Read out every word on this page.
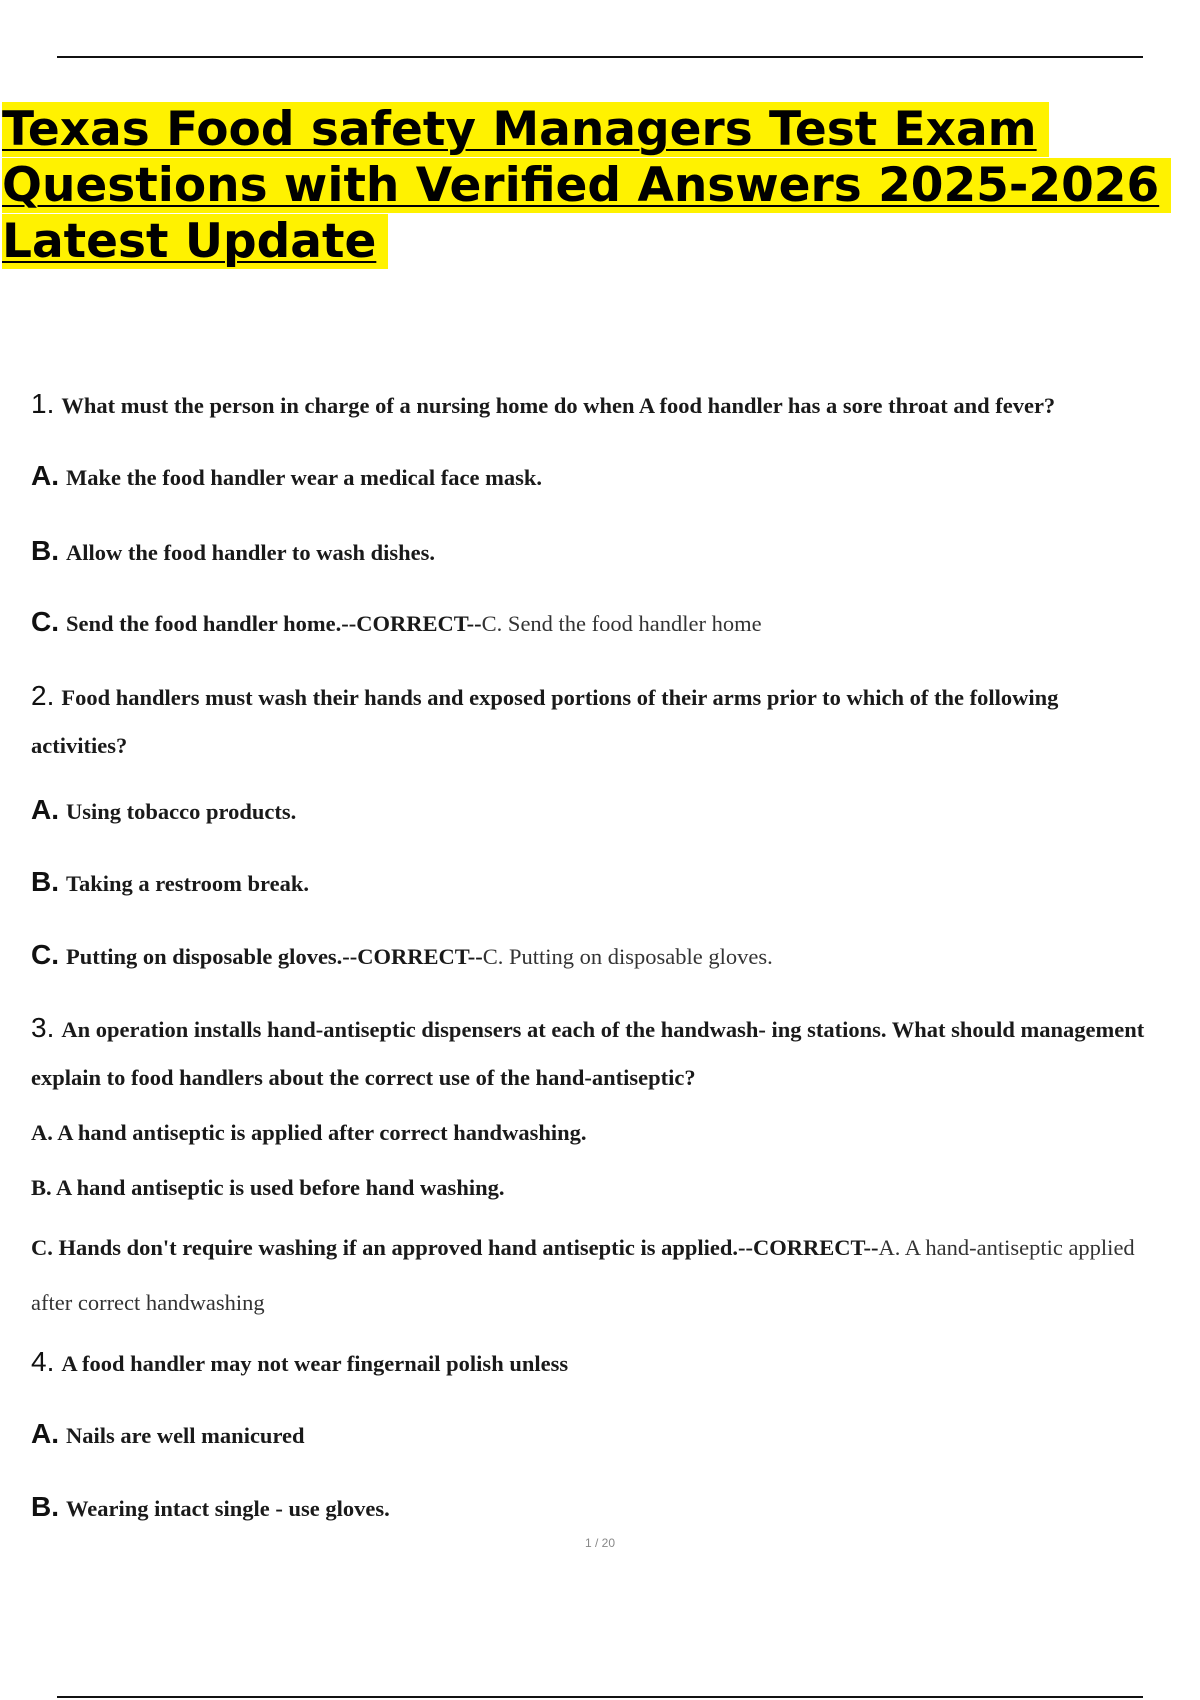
Texas Food safety Managers Test Exam
Questions with Verified Answers 2025-2026
Latest Update
1. What must the person in charge of a nursing home do when A food handler has a sore throat and fever?
A. Make the food handler wear a medical face mask.
B. Allow the food handler to wash dishes.
C. Send the food handler home.--CORRECT--C. Send the food handler home
2. Food handlers must wash their hands and exposed portions of their arms prior to which of the following activities?
A. Using tobacco products.
B. Taking a restroom break.
C. Putting on disposable gloves.--CORRECT--C. Putting on disposable gloves.
3. An operation installs hand-antiseptic dispensers at each of the handwash- ing stations. What should management explain to food handlers about the correct use of the hand-antiseptic?
A. A hand antiseptic is applied after correct handwashing.
B. A hand antiseptic is used before hand washing.
C. Hands don't require washing if an approved hand antiseptic is applied.--CORRECT--A. A hand-antiseptic applied after correct handwashing
4. A food handler may not wear fingernail polish unless
A. Nails are well manicured
B. Wearing intact single - use gloves.
1 / 20
